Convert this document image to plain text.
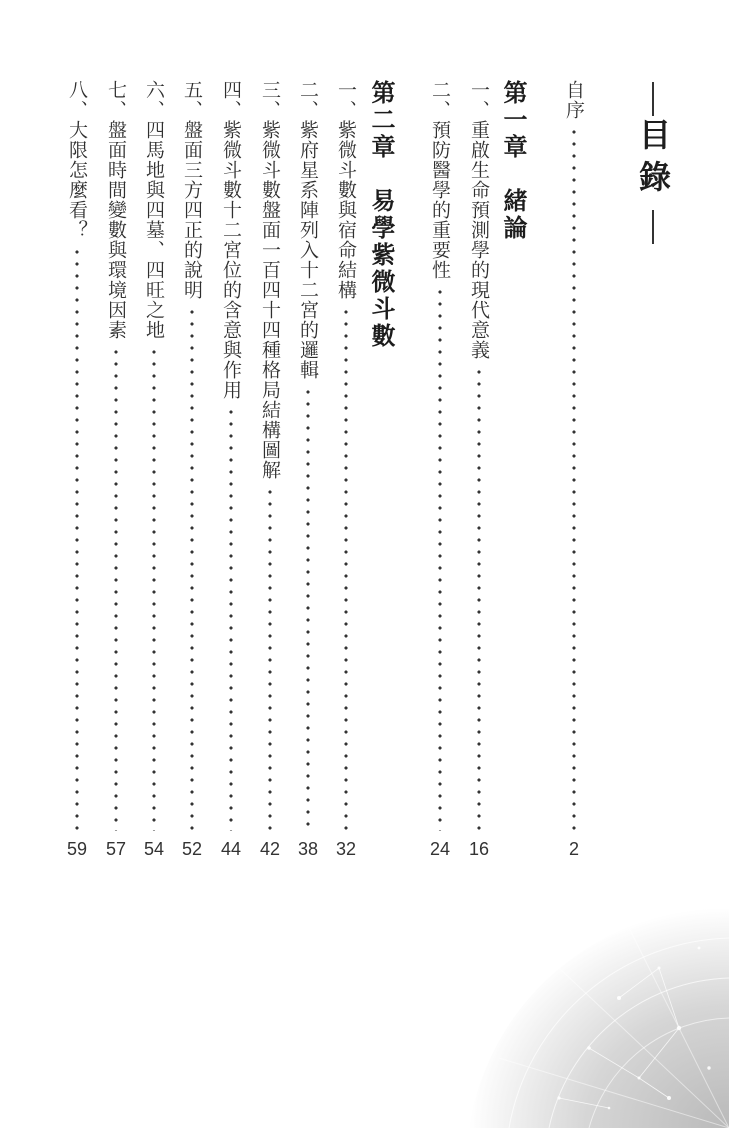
目錄
自序
2
第一章　緒論
一、重啟生命預測學的現代意義
16
二、預防醫學的重要性
24
第二章　易學紫微斗數
一、紫微斗數與宿命結構
32
二、紫府星系陣列入十二宮的邏輯
38
三、紫微斗數盤面一百四十四種格局結構圖解
42
四、紫微斗數十二宮位的含意與作用
44
五、盤面三方四正的說明
52
六、四馬地與四墓、四旺之地
54
七、盤面時間變數與環境因素
57
八、大限怎麼看？
59
